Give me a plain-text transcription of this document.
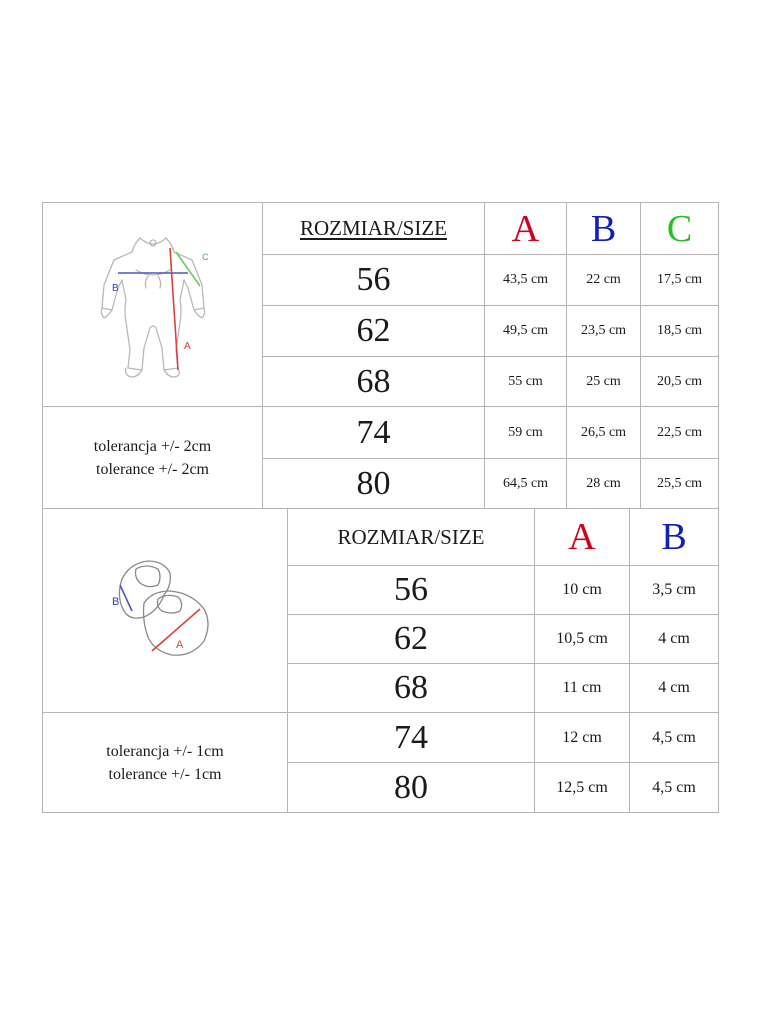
C
B
A	ROZMIAR/SIZE	A	B	C
	56	43,5 cm	22 cm	17,5 cm
	62	49,5 cm	23,5 cm	18,5 cm
	68	55 cm	25 cm	20,5 cm

tolerancja +/- 2cm
tolerance +/- 2cm	74	59 cm	26,5 cm	22,5 cm
	80	64,5 cm	28 cm	25,5 cm
B
A	ROZMIAR/SIZE	A	B
	56	10 cm	3,5 cm
	62	10,5 cm	4 cm
	68	11 cm	4 cm

tolerancja +/- 1cm
tolerance +/- 1cm	74	12 cm	4,5 cm
	80	12,5 cm	4,5 cm
